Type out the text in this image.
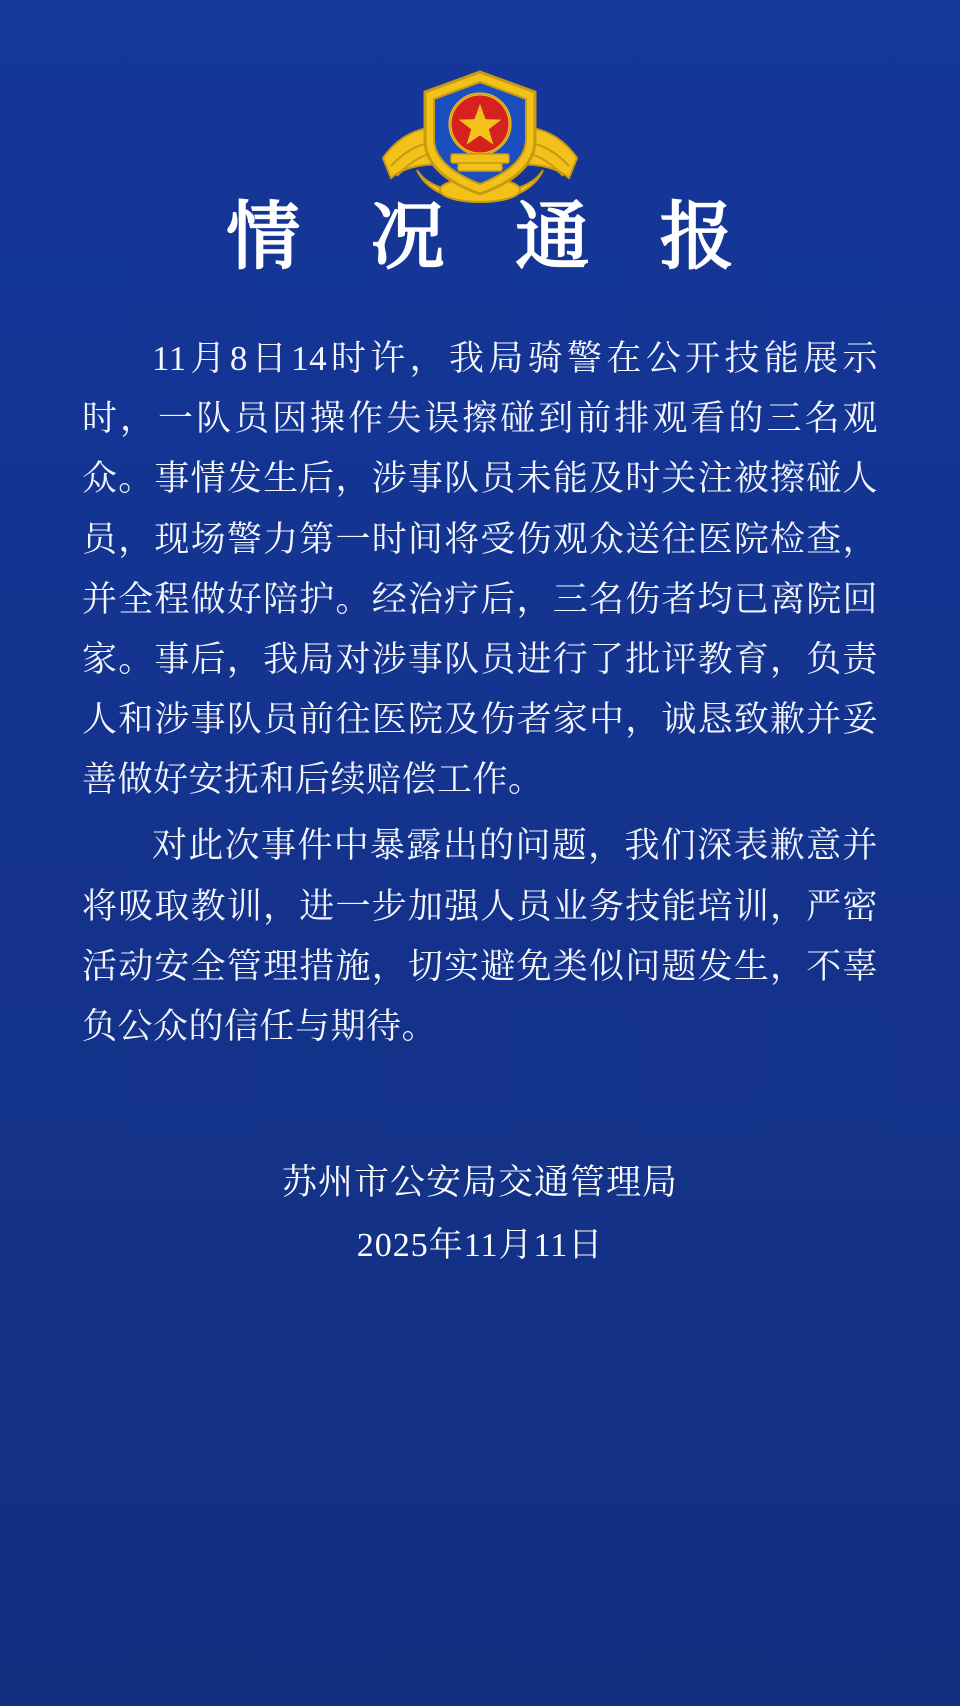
情 况 通 报

11月8日14时许，我局骑警在公开技能展示时，一队员因操作失误擦碰到前排观看的三名观众。事情发生后，涉事队员未能及时关注被擦碰人员，现场警力第一时间将受伤观众送往医院检查，并全程做好陪护。经治疗后，三名伤者均已离院回家。事后，我局对涉事队员进行了批评教育，负责人和涉事队员前往医院及伤者家中，诚恳致歉并妥善做好安抚和后续赔偿工作。

对此次事件中暴露出的问题，我们深表歉意并将吸取教训，进一步加强人员业务技能培训，严密活动安全管理措施，切实避免类似问题发生，不辜负公众的信任与期待。

苏州市公安局交通管理局
2025年11月11日
